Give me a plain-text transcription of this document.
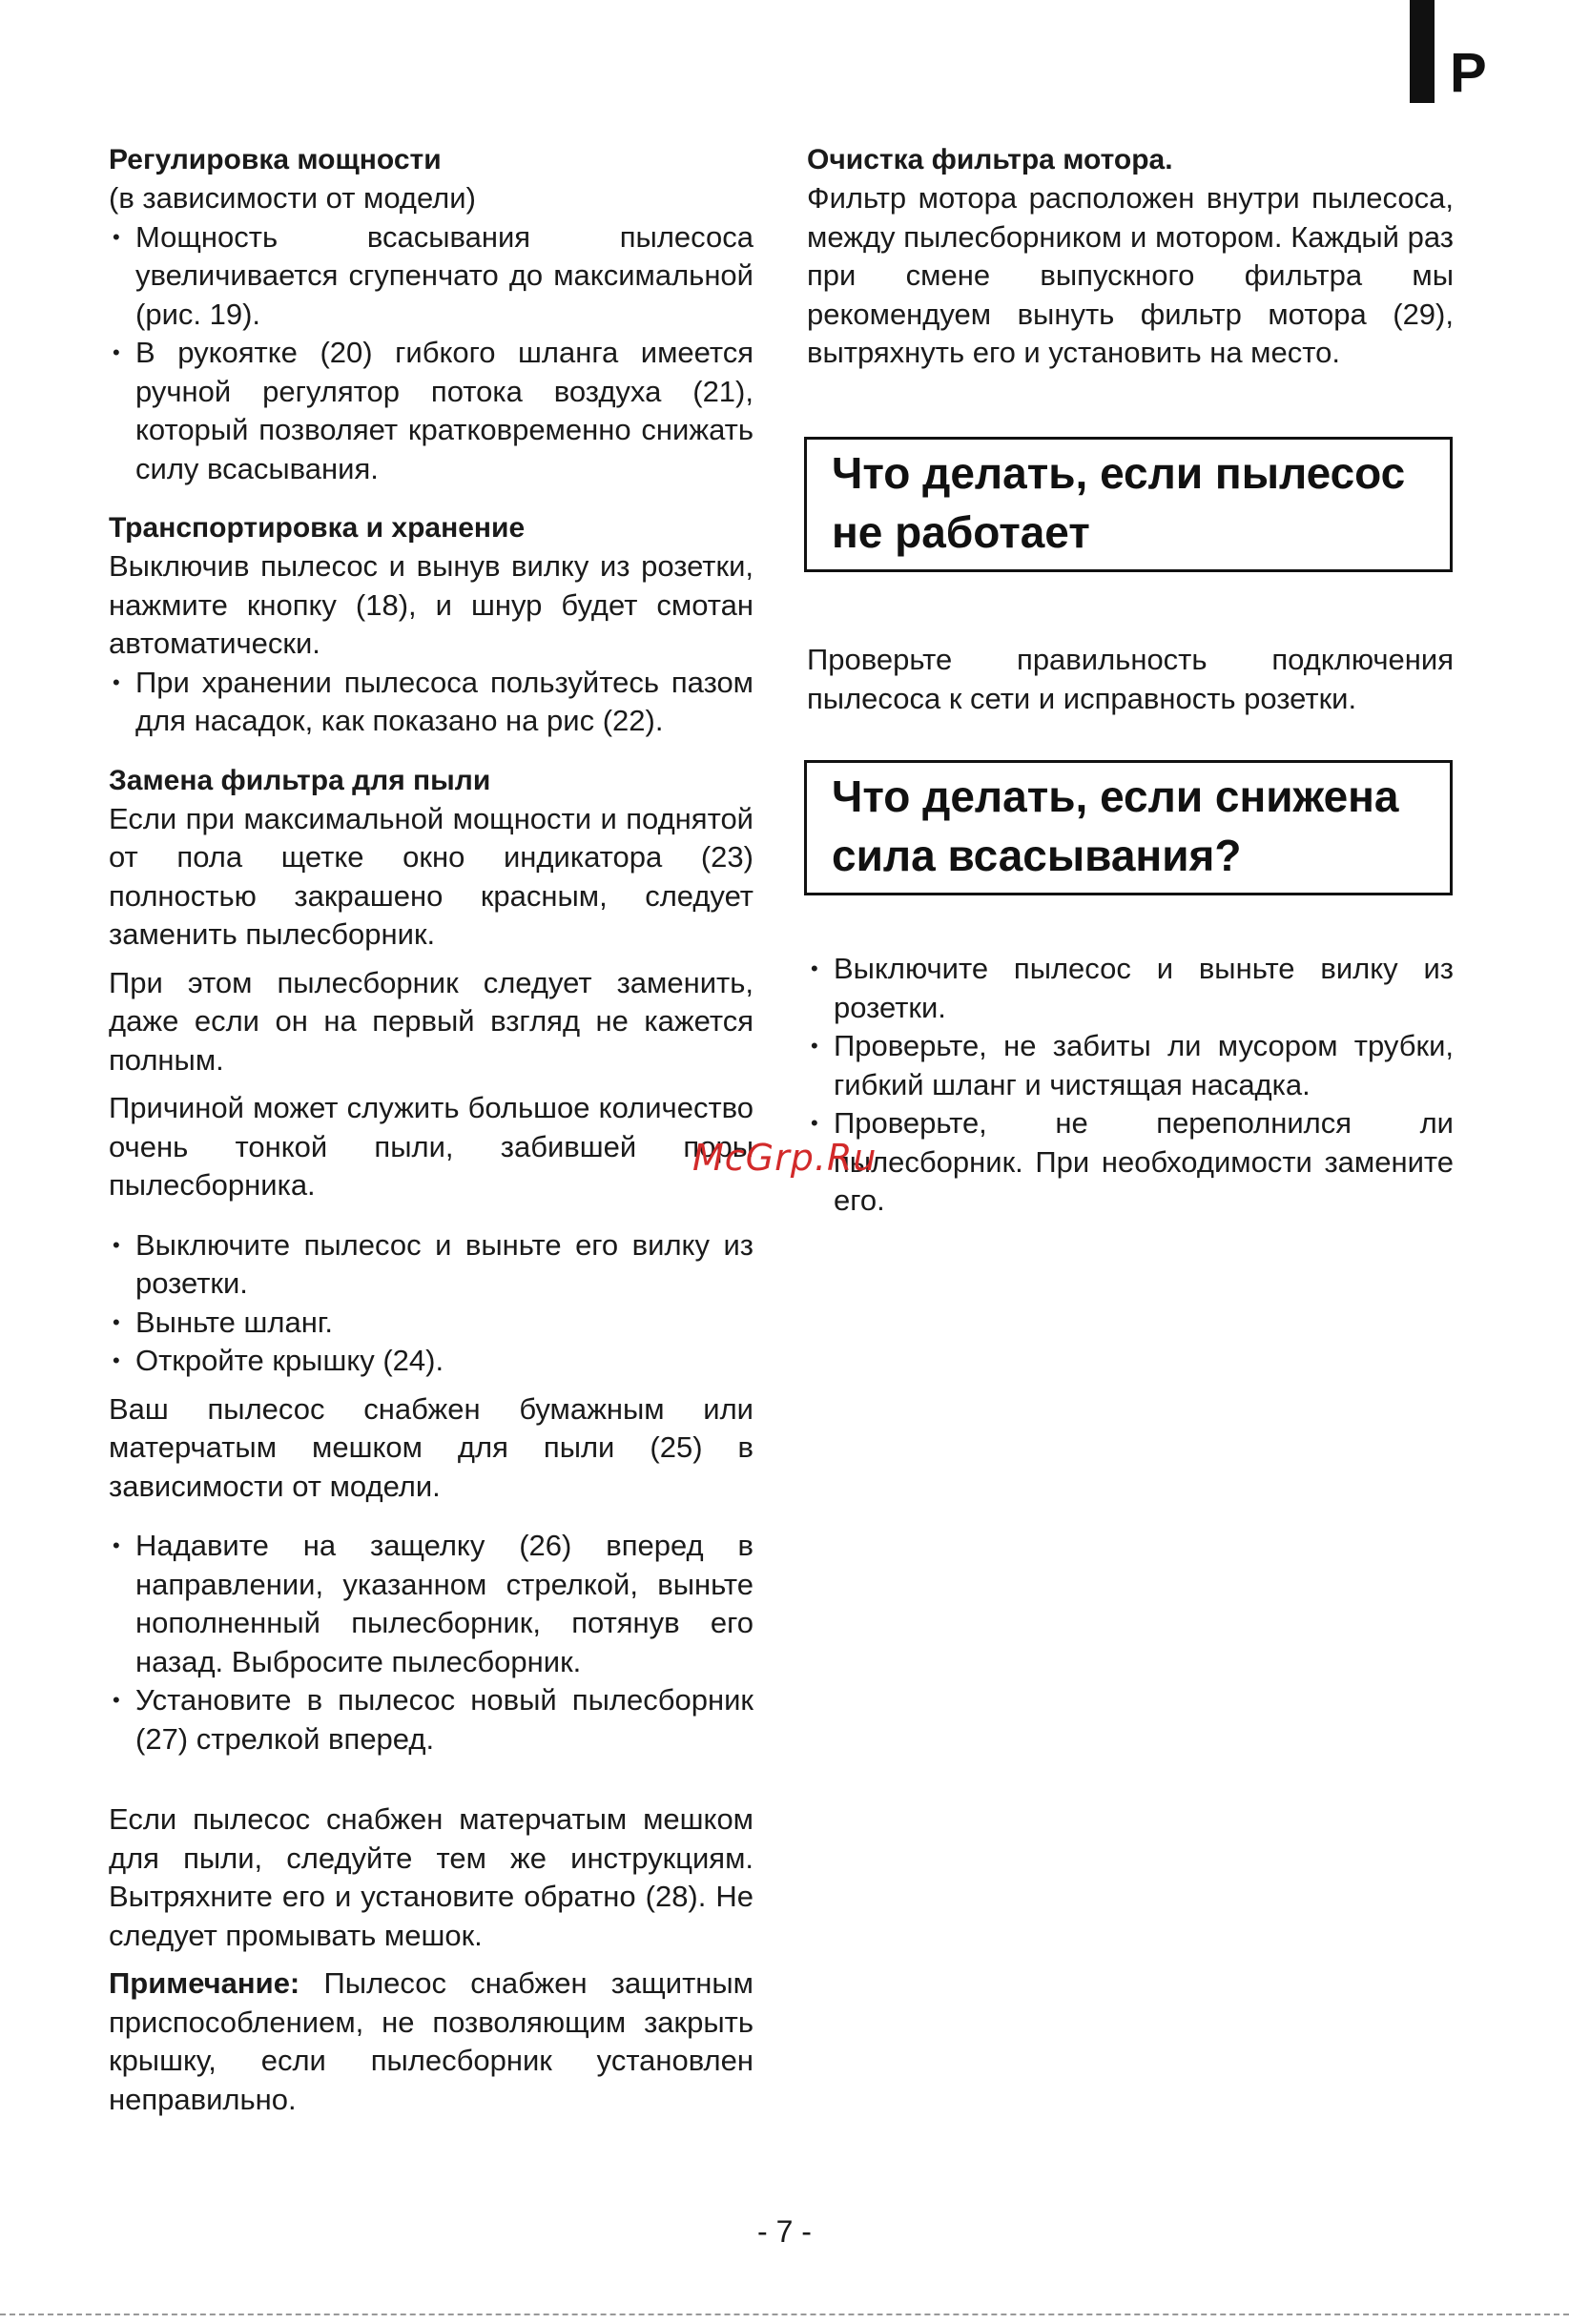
P
Регулировка мощности

(в зависимости от модели)

• Мощность всасывания пылесоса увеличивается сгупенчато до максимальной (рис. 19).
• В рукоятке (20) гибкого шланга имеется ручной регулятор потока воздуха (21), который позволяет кратковременно снижать силу всасывания.
Транспортировка и хранение

Выключив пылесос и вынув вилку из розетки, нажмите кнопку (18), и шнур будет смотан автоматически.

• При хранении пылесоса пользуйтесь пазом для насадок, как показано на рис (22).
Замена фильтра для пыли

Если при максимальной мощности и поднятой от пола щетке окно индикатора (23) полностью закрашено красным, следует заменить пылесборник.

При этом пылесборник следует заменить, даже если он на первый взгляд не кажется полным.

Причиной может служить большое количество очень тонкой пыли, забившей поры пылесборника.

• Выключите пылесос и выньте его вилку из розетки.
• Выньте шланг.
• Откройте крышку (24).

Ваш пылесос снабжен бумажным или матерчатым мешком для пыли (25) в зависимости от модели.

• Надавите на защелку (26) вперед в направлении, указанном стрелкой, выньте нополненный пылесборник, потянув его назад. Выбросите пылесборник.
• Установите в пылесос новый пылесборник (27) стрелкой вперед.

Если пылесос снабжен матерчатым мешком для пыли, следуйте тем же инструкциям. Вытряхните его и установите обратно (28). Не следует промывать мешок.

Примечание: Пылесос снабжен защитным приспособлением, не позволяющим закрыть крышку, если пылесборник установлен неправильно.

Очистка фильтра мотора.

Фильтр мотора расположен внутри пылесоса, между пылесборником и мотором. Каждый раз при смене выпускного фильтра мы рекомендуем вынуть фильтр мотора (29), вытряхнуть его и установить на место.

Что делать, если пылесос не работает

Проверьте правильность подключения пылесоса к сети и исправность розетки.

Что делать, если снижена сила всасывания?
• Выключите пылесос и выньте вилку из розетки.
• Проверьте, не забиты ли мусором трубки, гибкий шланг и чистящая насадка.
• Проверьте, не переполнился ли пылесборник. При необходимости замените его.
McGrp.Ru
- 7 -
